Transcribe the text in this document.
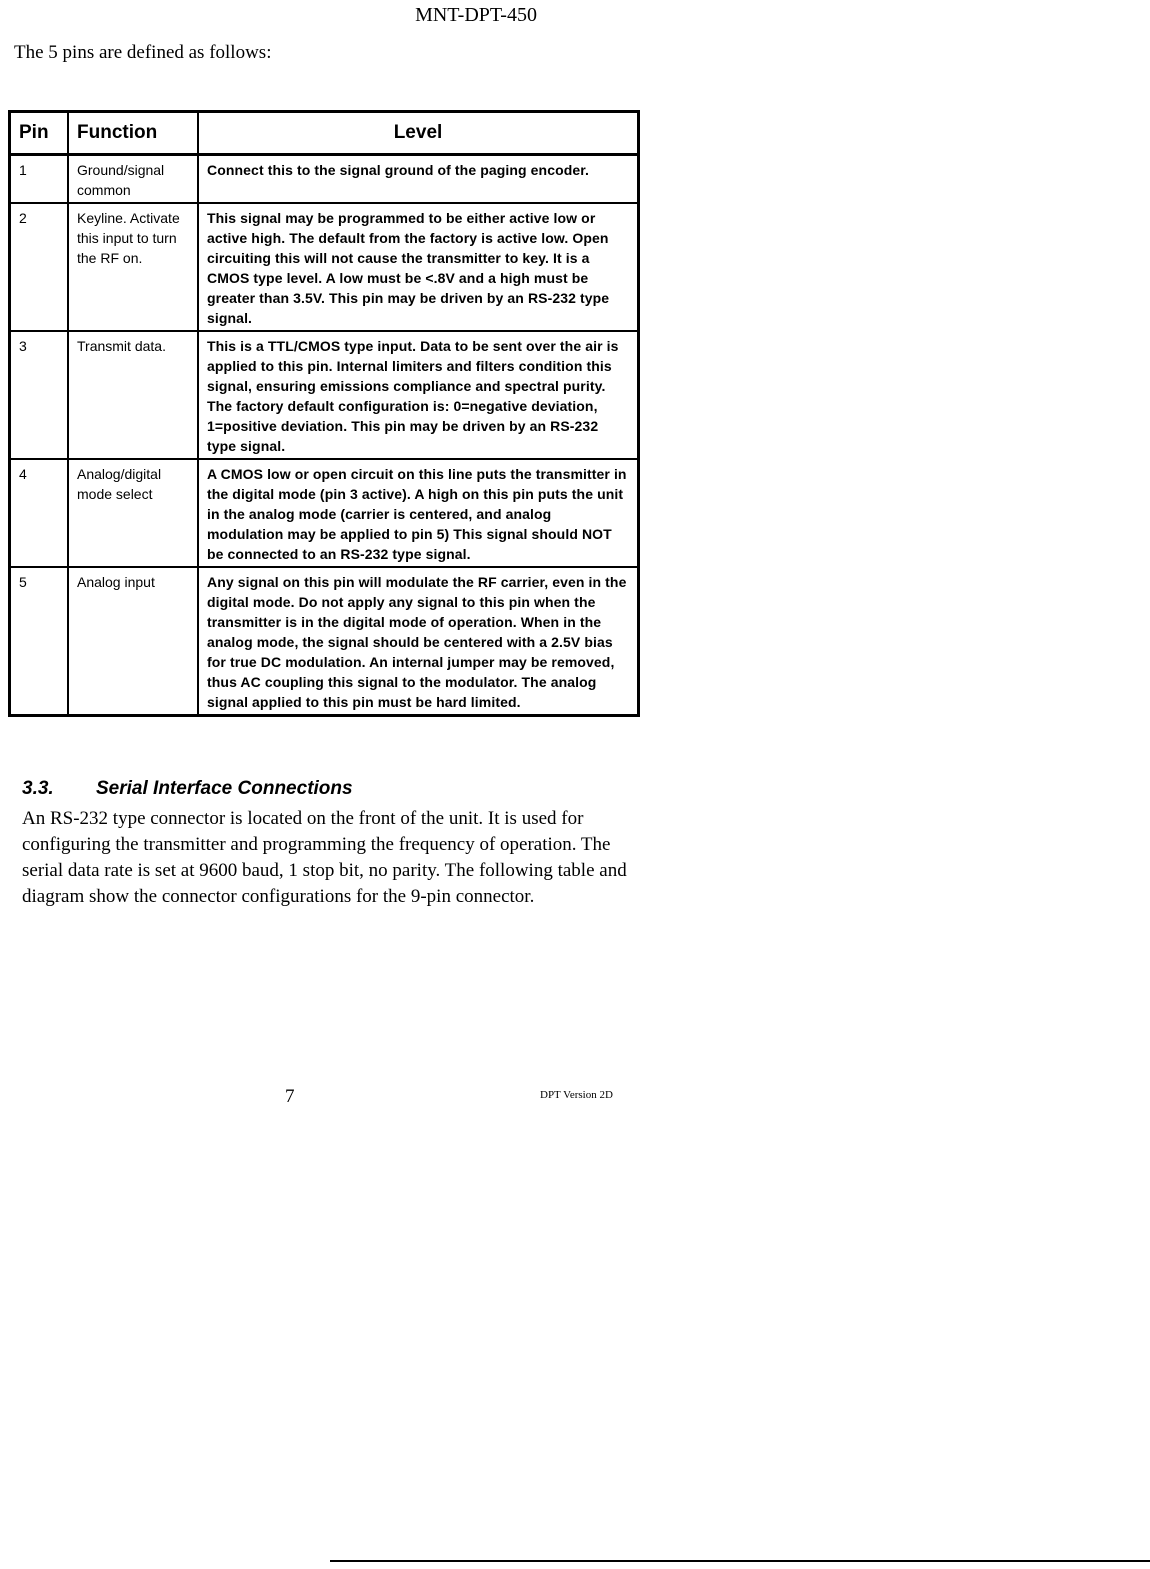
MNT-DPT-450
The 5 pins are defined as follows:
Pin	Function	Level
1	Ground/signal common	Connect this to the signal ground of the paging encoder.
2	Keyline. Activate this input to turn the RF on.	This signal may be programmed to be either active low or active high. The default from the factory is active low. Open circuiting this will not cause the transmitter to key. It is a CMOS type level. A low must be <.8V and a high must be greater than 3.5V. This pin may be driven by an RS-232 type signal.
3	Transmit data.	This is a TTL/CMOS type input. Data to be sent over the air is applied to this pin. Internal limiters and filters condition this signal, ensuring emissions compliance and spectral purity. The factory default configuration is: 0=negative deviation, 1=positive deviation. This pin may be driven by an RS-232 type signal.
4	Analog/digital mode select	A CMOS low or open circuit on this line puts the transmitter in the digital mode (pin 3 active). A high on this pin puts the unit in the analog mode (carrier is centered, and analog modulation may be applied to pin 5) This signal should NOT be connected to an RS-232 type signal.
5	Analog input	Any signal on this pin will modulate the RF carrier, even in the digital mode. Do not apply any signal to this pin when the transmitter is in the digital mode of operation. When in the analog mode, the signal should be centered with a 2.5V bias for true DC modulation. An internal jumper may be removed, thus AC coupling this signal to the modulator. The analog signal applied to this pin must be hard limited.
3.3. Serial Interface Connections
An RS-232 type connector is located on the front of the unit. It is used for configuring the transmitter and programming the frequency of operation. The serial data rate is set at 9600 baud, 1 stop bit, no parity. The following table and diagram show the connector configurations for the 9-pin connector.
7	DPT Version 2D
